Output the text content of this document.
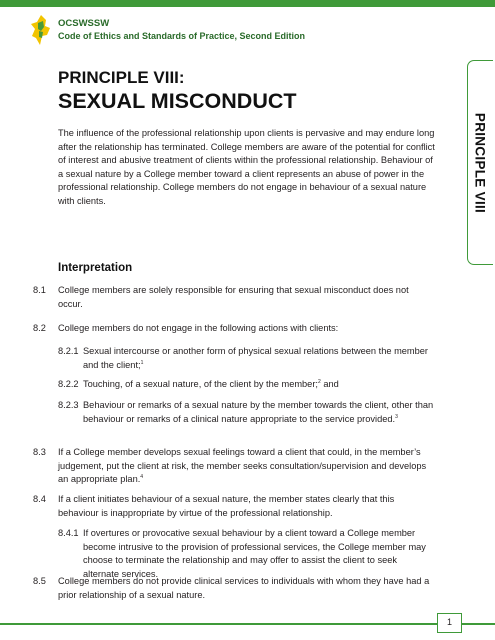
OCSWSSW
Code of Ethics and Standards of Practice, Second Edition
PRINCIPLE VIII:
SEXUAL MISCONDUCT

The influence of the professional relationship upon clients is pervasive and may endure long after the relationship has terminated. College members are aware of the potential for conflict of interest and abusive treatment of clients within the professional relationship. Behaviour of a sexual nature by a College member toward a client represents an abuse of power in the professional relationship. College members do not engage in behaviour of a sexual nature with clients.	PRINCIPLE VIII
Interpretation
8.1	College members are solely responsible for ensuring that sexual misconduct does not occur.
8.2	College members do not engage in the following actions with clients:
8.2.1 Sexual intercourse or another form of physical sexual relations between the member and the client;$^1$
8.2.2 Touching, of a sexual nature, of the client by the member;$^2$ and
8.2.3 Behaviour or remarks of a sexual nature by the member towards the client, other than behaviour or remarks of a clinical nature appropriate to the service provided.$^3$
8.3	If a College member develops sexual feelings toward a client that could, in the member’s judgement, put the client at risk, the member seeks consultation/supervision and develops an appropriate plan.$^4$
8.4	If a client initiates behaviour of a sexual nature, the member states clearly that this behaviour is inappropriate by virtue of the professional relationship.
8.4.1 If overtures or provocative sexual behaviour by a client toward a College member become intrusive to the provision of professional services, the College member may choose to terminate the relationship and may offer to assist the client to seek alternate services.
8.5	College members do not provide clinical services to individuals with whom they have had a prior relationship of a sexual nature.
1
